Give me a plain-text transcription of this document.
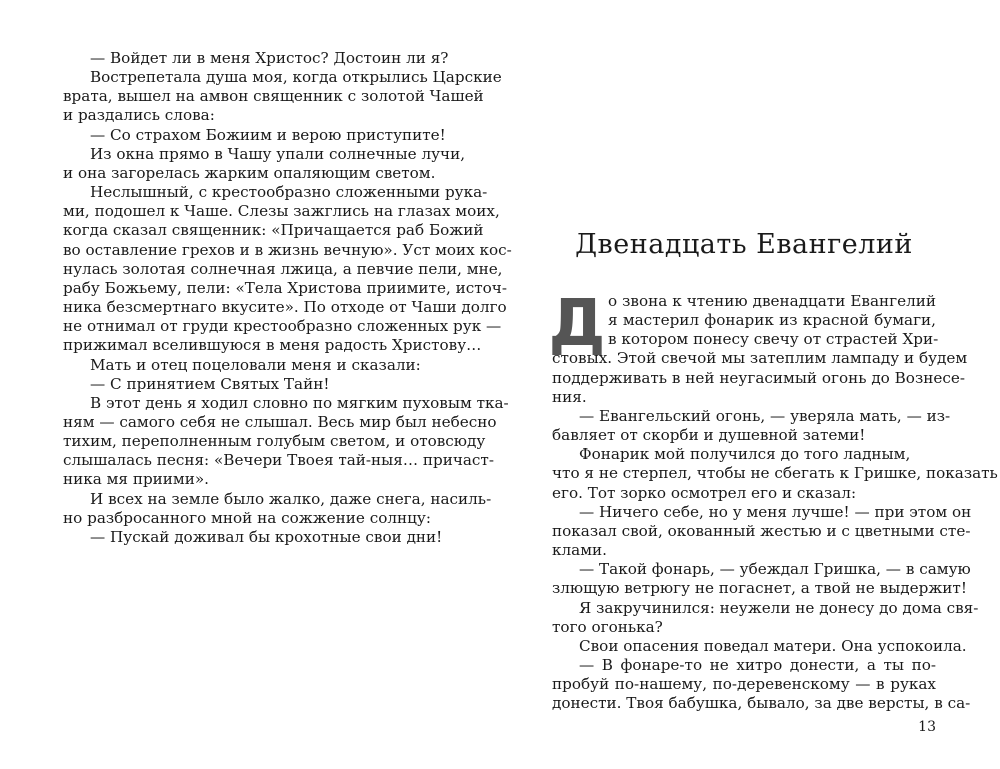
— Войдет ли в меня Христос? Достоин ли я?
Вострепетала душа моя, когда открылись Царские
врата, вышел на амвон священник с золотой Чашей
и раздались слова:
— Со страхом Божиим и верою приступите!
Из окна прямо в Чашу упали солнечные лучи,
и она загорелась жарким опаляющим светом.
Неслышный, с крестообразно сложенными рука-
ми, подошел к Чаше. Слезы зажглись на глазах моих,
когда сказал священник: «Причащается раб Божий
во оставление грехов и в жизнь вечную». Уст моих кос-
нулась золотая солнечная лжица, а певчие пели, мне,
рабу Божьему, пели: «Тела Христова приимите, источ-
ника безсмертнаго вкусите». По отходе от Чаши долго
не отнимал от груди крестообразно сложенных рук —
прижимал вселившуюся в меня радость Христову…
Мать и отец поцеловали меня и сказали:
— С принятием Святых Тайн!
В этот день я ходил словно по мягким пуховым тка-
ням — самого себя не слышал. Весь мир был небесно
тихим, переполненным голубым светом, и отовсюду
слышалась песня: «Вечери Твоея тай-ныя… причаст-
ника мя приими».
И всех на земле было жалко, даже снега, насиль-
но разбросанного мной на сожжение солнцу:
— Пускай доживал бы крохотные свои дни!
Двенадцать Евангелий
Д о звона к чтению двенадцати Евангелий
я мастерил фонарик из красной бумаги,
в котором понесу свечу от страстей Хри-
стовых. Этой свечой мы затеплим лампаду и будем
поддерживать в ней неугасимый огонь до Вознесе-
ния.
— Евангельский огонь, — уверяла мать, — из-
бавляет от скорби и душевной затеми!
Фонарик мой получился до того ладным,
что я не стерпел, чтобы не сбегать к Гришке, показать
его. Тот зорко осмотрел его и сказал:
— Ничего себе, но у меня лучше! — при этом он
показал свой, окованный жестью и с цветными сте-
клами.
— Такой фонарь, — убеждал Гришка, — в самую
злющую ветрюгу не погаснет, а твой не выдержит!
Я закручинился: неужели не донесу до дома свя-
того огонька?
Свои опасения поведал матери. Она успокоила.
— В фонаре-то не хитро донести, а ты по-
пробуй по-нашему, по-деревенскому — в руках
донести. Твоя бабушка, бывало, за две версты, в са-
13
